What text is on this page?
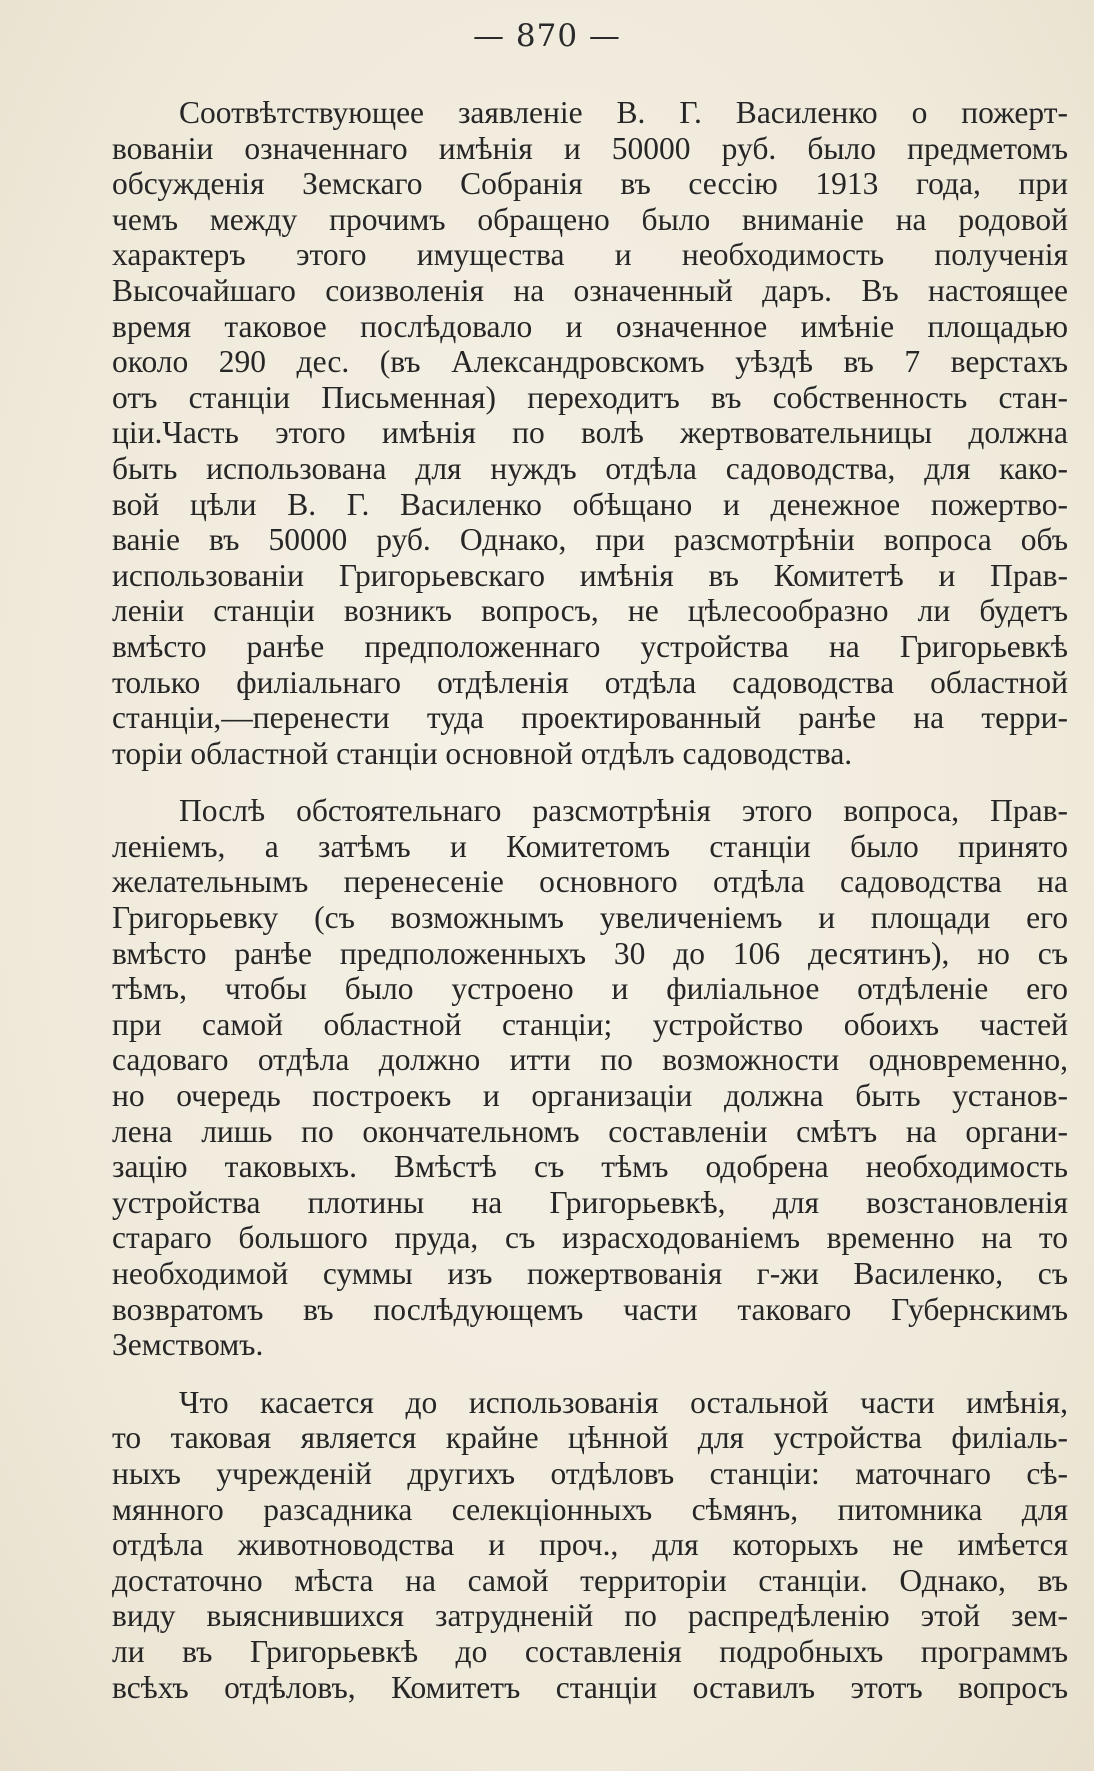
— 870 —
Соотвѣтствующее заявленіе В. Г. Василенко о пожерт-
вованіи означеннаго имѣнія и 50000 руб. было предметомъ
обсужденія Земскаго Собранія въ сессію 1913 года, при
чемъ между прочимъ обращено было вниманіе на родовой
характеръ этого имущества и необходимость полученія
Высочайшаго соизволенія на означенный даръ. Въ настоящее
время таковое послѣдовало и означенное имѣніе площадью
около 290 дес. (въ Александровскомъ уѣздѣ въ 7 верстахъ
отъ станціи Письменная) переходитъ въ собственность стан-
ціи.Часть этого имѣнія по волѣ жертвовательницы должна
быть использована для нуждъ отдѣла садоводства, для како-
вой цѣли В. Г. Василенко обѣщано и денежное пожертво-
ваніе въ 50000 руб. Однако, при разсмотрѣніи вопроса объ
использованіи Григорьевскаго имѣнія въ Комитетѣ и Прав-
леніи станціи возникъ вопросъ, не цѣлесообразно ли будетъ
вмѣсто ранѣе предположеннаго устройства на Григорьевкѣ
только филіальнаго отдѣленія отдѣла садоводства областной
станціи,—перенести туда проектированный ранѣе на терри-
торіи областной станціи основной отдѣлъ садоводства.
Послѣ обстоятельнаго разсмотрѣнія этого вопроса, Прав-
леніемъ, а затѣмъ и Комитетомъ станціи было принято
желательнымъ перенесеніе основного отдѣла садоводства на
Григорьевку (съ возможнымъ увеличеніемъ и площади его
вмѣсто ранѣе предположенныхъ 30 до 106 десятинъ), но съ
тѣмъ, чтобы было устроено и филіальное отдѣленіе его
при самой областной станціи; устройство обоихъ частей
садоваго отдѣла должно итти по возможности одновременно,
но очередь построекъ и организаціи должна быть установ-
лена лишь по окончательномъ составленіи смѣтъ на органи-
зацію таковыхъ. Вмѣстѣ съ тѣмъ одобрена необходимость
устройства плотины на Григорьевкѣ, для возстановленія
стараго большого пруда, съ израсходованіемъ временно на то
необходимой суммы изъ пожертвованія г-жи Василенко, съ
возвратомъ въ послѣдующемъ части таковаго Губернскимъ
Земствомъ.
Что касается до использованія остальной части имѣнія,
то таковая является крайне цѣнной для устройства филіаль-
ныхъ учрежденій другихъ отдѣловъ станціи: маточнаго сѣ-
мянного разсадника селекціонныхъ сѣмянъ, питомника для
отдѣла животноводства и проч., для которыхъ не имѣется
достаточно мѣста на самой территоріи станціи. Однако, въ
виду выяснившихся затрудненій по распредѣленію этой зем-
ли въ Григорьевкѣ до составленія подробныхъ программъ
всѣхъ отдѣловъ, Комитетъ станціи оставилъ этотъ вопросъ
